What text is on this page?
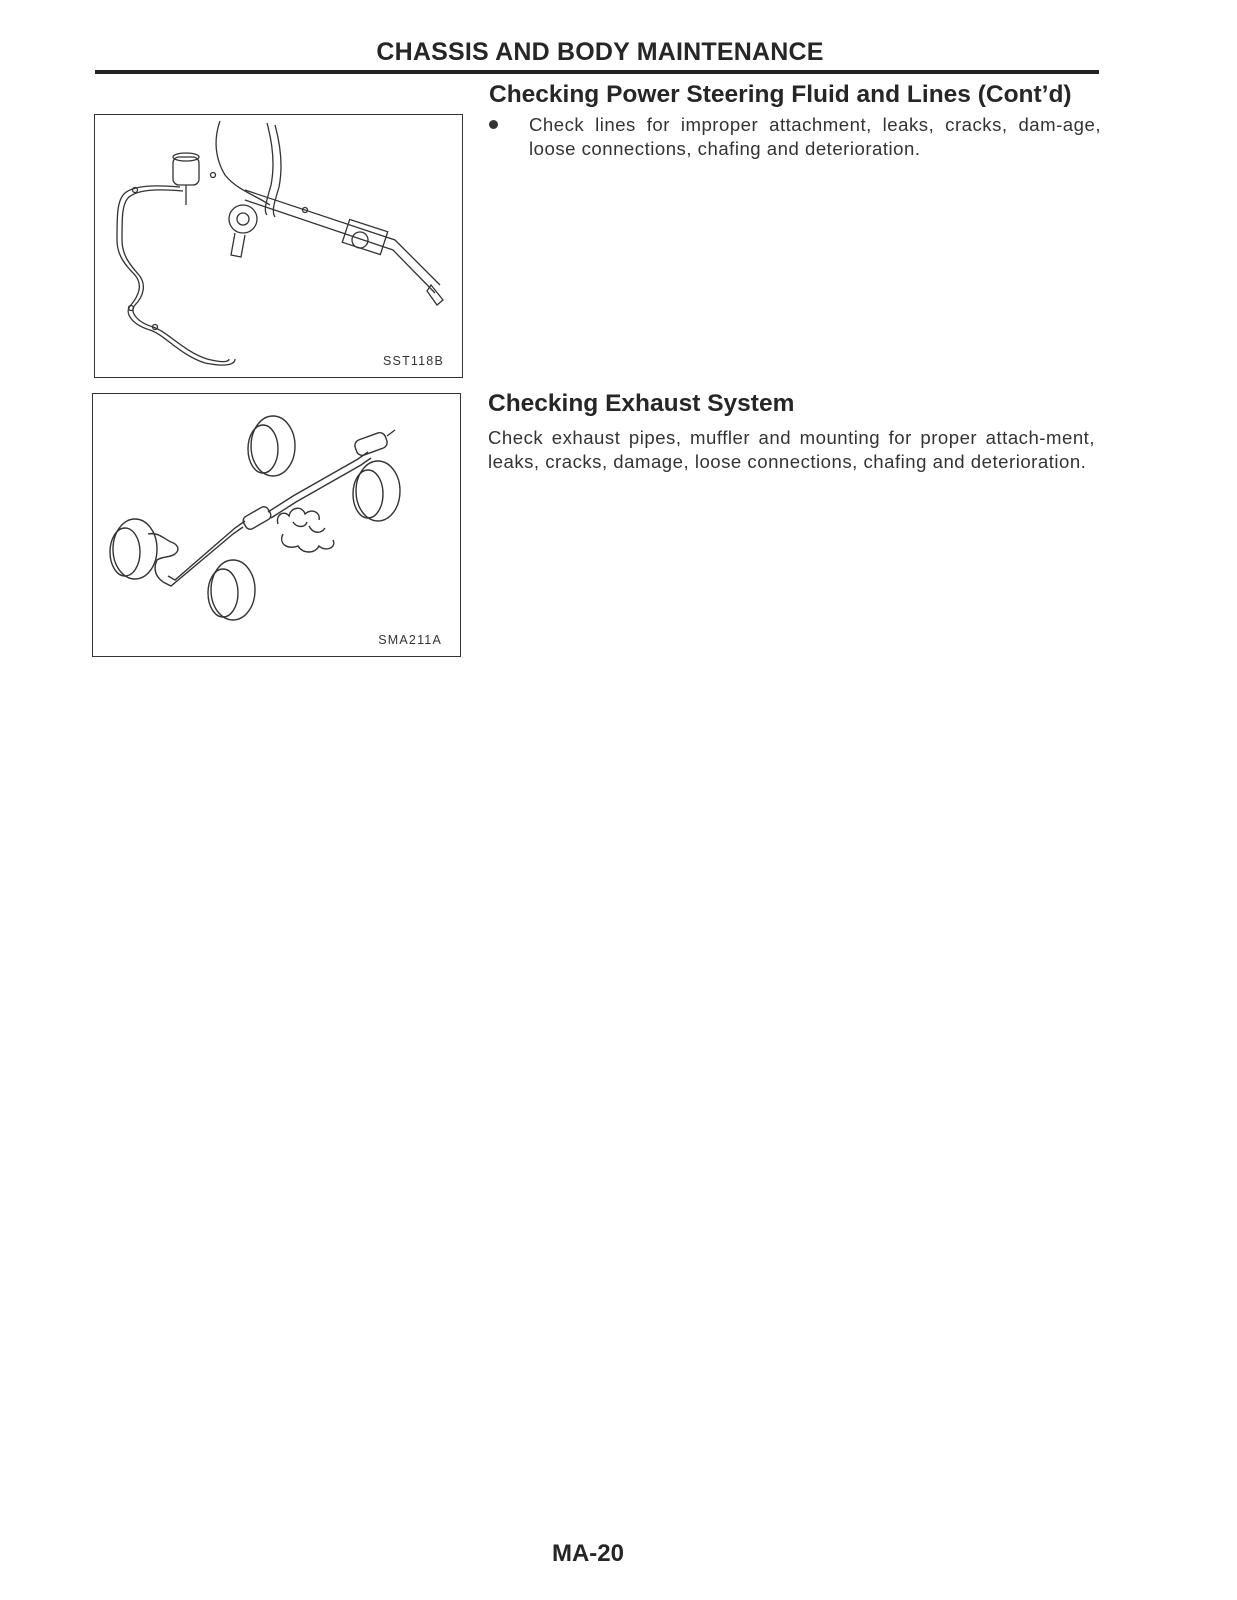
CHASSIS AND BODY MAINTENANCE
SST118B
SMA211A
Checking Power Steering Fluid and Lines (Cont’d)
Check lines for improper attachment, leaks, cracks, dam-age, loose connections, chafing and deterioration.
Checking Exhaust System
Check exhaust pipes, muffler and mounting for proper attach-ment, leaks, cracks, damage, loose connections, chafing and deterioration.
MA-20
